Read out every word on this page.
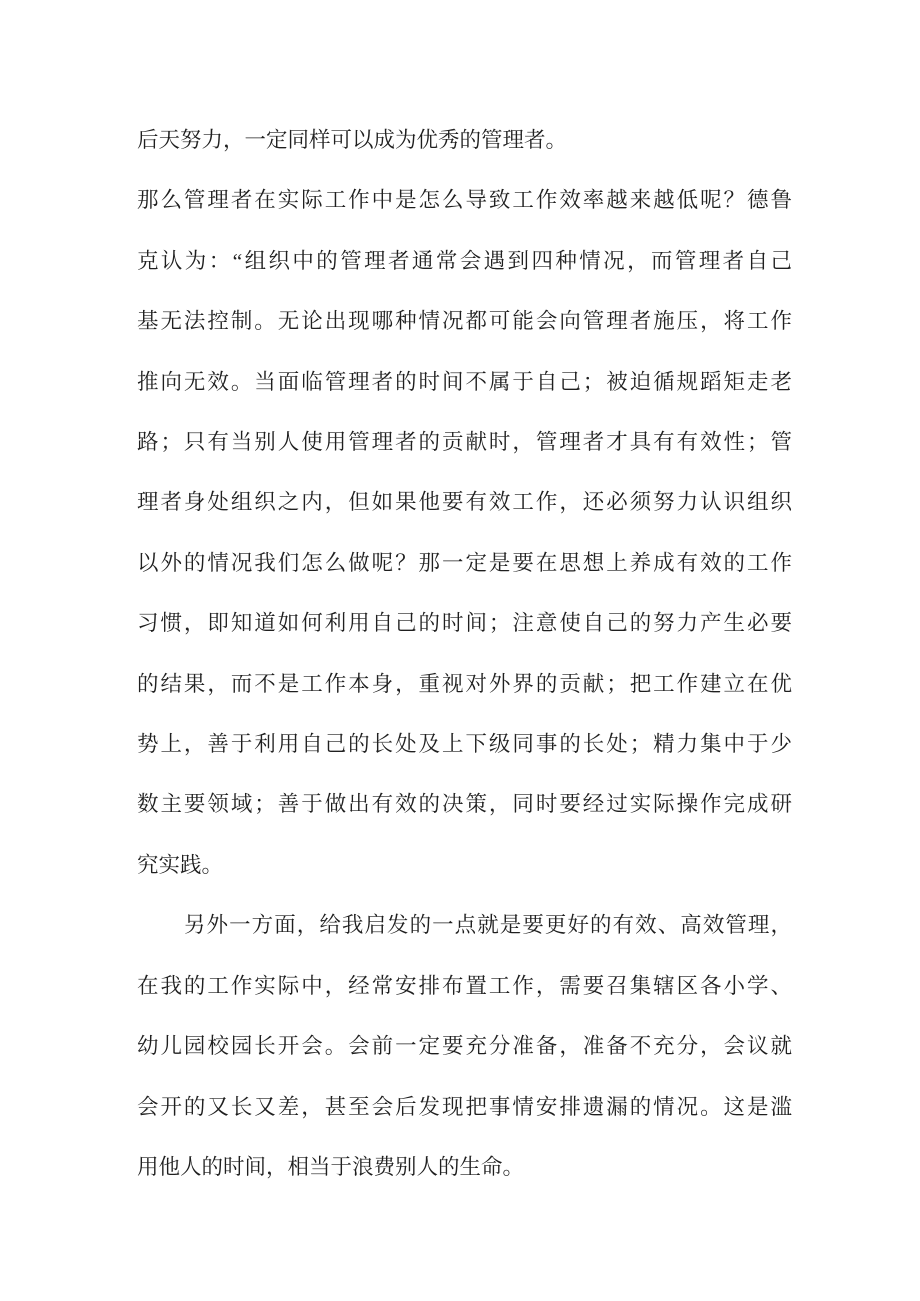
后天努力，一定同样可以成为优秀的管理者。
那么管理者在实际工作中是怎么导致工作效率越来越低呢？德鲁
克认为：“组织中的管理者通常会遇到四种情况，而管理者自己
基无法控制。无论出现哪种情况都可能会向管理者施压，将工作
推向无效。当面临管理者的时间不属于自己；被迫循规蹈矩走老
路；只有当别人使用管理者的贡献时，管理者才具有有效性；管
理者身处组织之内，但如果他要有效工作，还必须努力认识组织
以外的情况我们怎么做呢？那一定是要在思想上养成有效的工作
习惯，即知道如何利用自己的时间；注意使自己的努力产生必要
的结果，而不是工作本身，重视对外界的贡献；把工作建立在优
势上，善于利用自己的长处及上下级同事的长处；精力集中于少
数主要领域；善于做出有效的决策，同时要经过实际操作完成研
究实践。
另外一方面，给我启发的一点就是要更好的有效、高效管理，
在我的工作实际中，经常安排布置工作，需要召集辖区各小学、
幼儿园校园长开会。会前一定要充分准备，准备不充分，会议就
会开的又长又差，甚至会后发现把事情安排遗漏的情况。这是滥
用他人的时间，相当于浪费别人的生命。
